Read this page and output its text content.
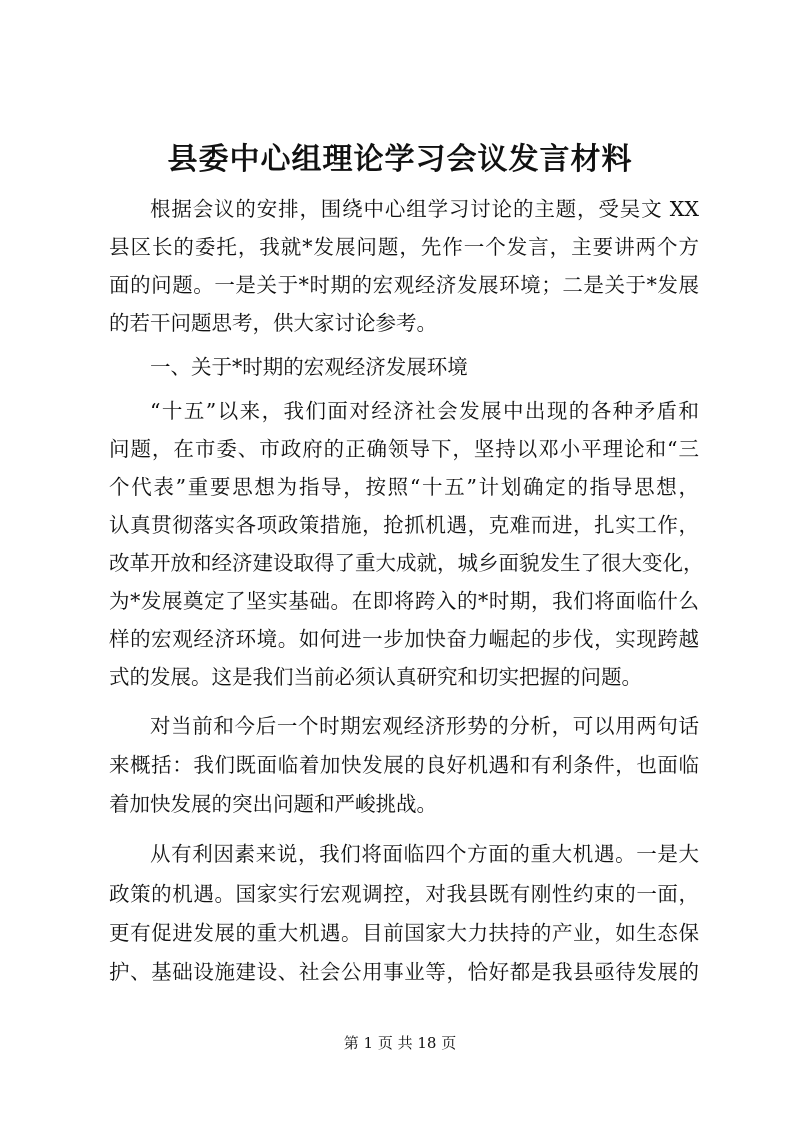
县委中心组理论学习会议发言材料
根据会议的安排，围绕中心组学习讨论的主题，受吴文 XX
县区长的委托，我就*发展问题，先作一个发言，主要讲两个方
面的问题。一是关于*时期的宏观经济发展环境；二是关于*发展
的若干问题思考，供大家讨论参考。
一、关于*时期的宏观经济发展环境
“十五”以来，我们面对经济社会发展中出现的各种矛盾和
问题，在市委、市政府的正确领导下，坚持以邓小平理论和“三
个代表”重要思想为指导，按照“十五”计划确定的指导思想，
认真贯彻落实各项政策措施，抢抓机遇，克难而进，扎实工作，
改革开放和经济建设取得了重大成就，城乡面貌发生了很大变化，
为*发展奠定了坚实基础。在即将跨入的*时期，我们将面临什么
样的宏观经济环境。如何进一步加快奋力崛起的步伐，实现跨越
式的发展。这是我们当前必须认真研究和切实把握的问题。
对当前和今后一个时期宏观经济形势的分析，可以用两句话
来概括：我们既面临着加快发展的良好机遇和有利条件，也面临
着加快发展的突出问题和严峻挑战。
从有利因素来说，我们将面临四个方面的重大机遇。一是大
政策的机遇。国家实行宏观调控，对我县既有刚性约束的一面，
更有促进发展的重大机遇。目前国家大力扶持的产业，如生态保
护、基础设施建设、社会公用事业等，恰好都是我县亟待发展的
第 1 页 共 18 页
